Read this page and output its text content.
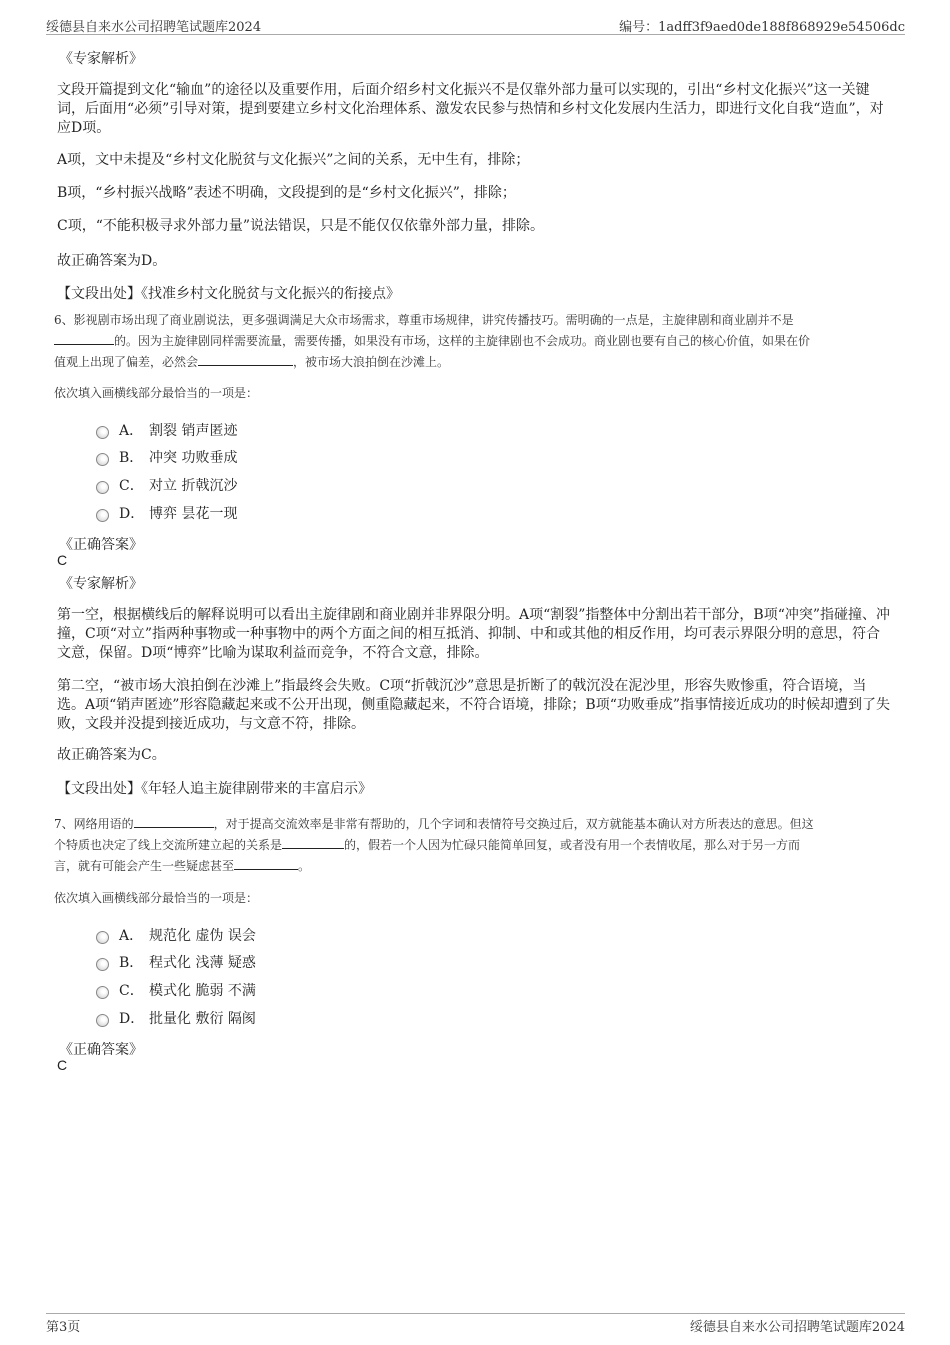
绥德县自来水公司招聘笔试题库2024	编号：1adff3f9aed0de188f868929e54506dc
《专家解析》
文段开篇提到文化“输血”的途径以及重要作用，后面介绍乡村文化振兴不是仅靠外部力量可以实现的，引出“乡村文化振兴”这一关键词，后面用“必须”引导对策，提到要建立乡村文化治理体系、激发农民参与热情和乡村文化发展内生活力，即进行文化自我“造血”，对应D项。
A项，文中未提及“乡村文化脱贫与文化振兴”之间的关系，无中生有，排除；
B项，“乡村振兴战略”表述不明确，文段提到的是“乡村文化振兴”，排除；
C项，“不能积极寻求外部力量”说法错误，只是不能仅仅依靠外部力量，排除。
故正确答案为D。
【文段出处】《找准乡村文化脱贫与文化振兴的衔接点》
6、影视剧市场出现了商业剧说法，更多强调满足大众市场需求，尊重市场规律，讲究传播技巧。需明确的一点是，主旋律剧和商业剧并不是
的。因为主旋律剧同样需要流量，需要传播，如果没有市场，这样的主旋律剧也不会成功。商业剧也要有自己的核心价值，如果在价
值观上出现了偏差，必然会	，被市场大浪拍倒在沙滩上。
依次填入画横线部分最恰当的一项是：
A． 割裂 销声匿迹
B． 冲突 功败垂成
C． 对立 折戟沉沙
D． 博弈 昙花一现
《正确答案》
C
《专家解析》
第一空，根据横线后的解释说明可以看出主旋律剧和商业剧并非界限分明。A项“割裂”指整体中分割出若干部分，B项“冲突”指碰撞、冲撞，C项“对立”指两种事物或一种事物中的两个方面之间的相互抵消、抑制、中和或其他的相反作用，均可表示界限分明的意思，符合文意，保留。D项“博弈”比喻为谋取利益而竞争，不符合文意，排除。
第二空，“被市场大浪拍倒在沙滩上”指最终会失败。C项“折戟沉沙”意思是折断了的戟沉没在泥沙里，形容失败惨重，符合语境，当选。A项“销声匿迹”形容隐藏起来或不公开出现，侧重隐藏起来，不符合语境，排除；B项“功败垂成”指事情接近成功的时候却遭到了失败，文段并没提到接近成功，与文意不符，排除。
故正确答案为C。
【文段出处】《年轻人追主旋律剧带来的丰富启示》
7、网络用语的	，对于提高交流效率是非常有帮助的，几个字词和表情符号交换过后，双方就能基本确认对方所表达的意思。但这
个特质也决定了线上交流所建立起的关系是	的，假若一个人因为忙碌只能简单回复，或者没有用一个表情收尾，那么对于另一方而
言，就有可能会产生一些疑虑甚至	。
依次填入画横线部分最恰当的一项是：
A． 规范化 虚伪 误会
B． 程式化 浅薄 疑惑
C． 模式化 脆弱 不满
D． 批量化 敷衍 隔阂
《正确答案》
C
第3页	绥德县自来水公司招聘笔试题库2024
